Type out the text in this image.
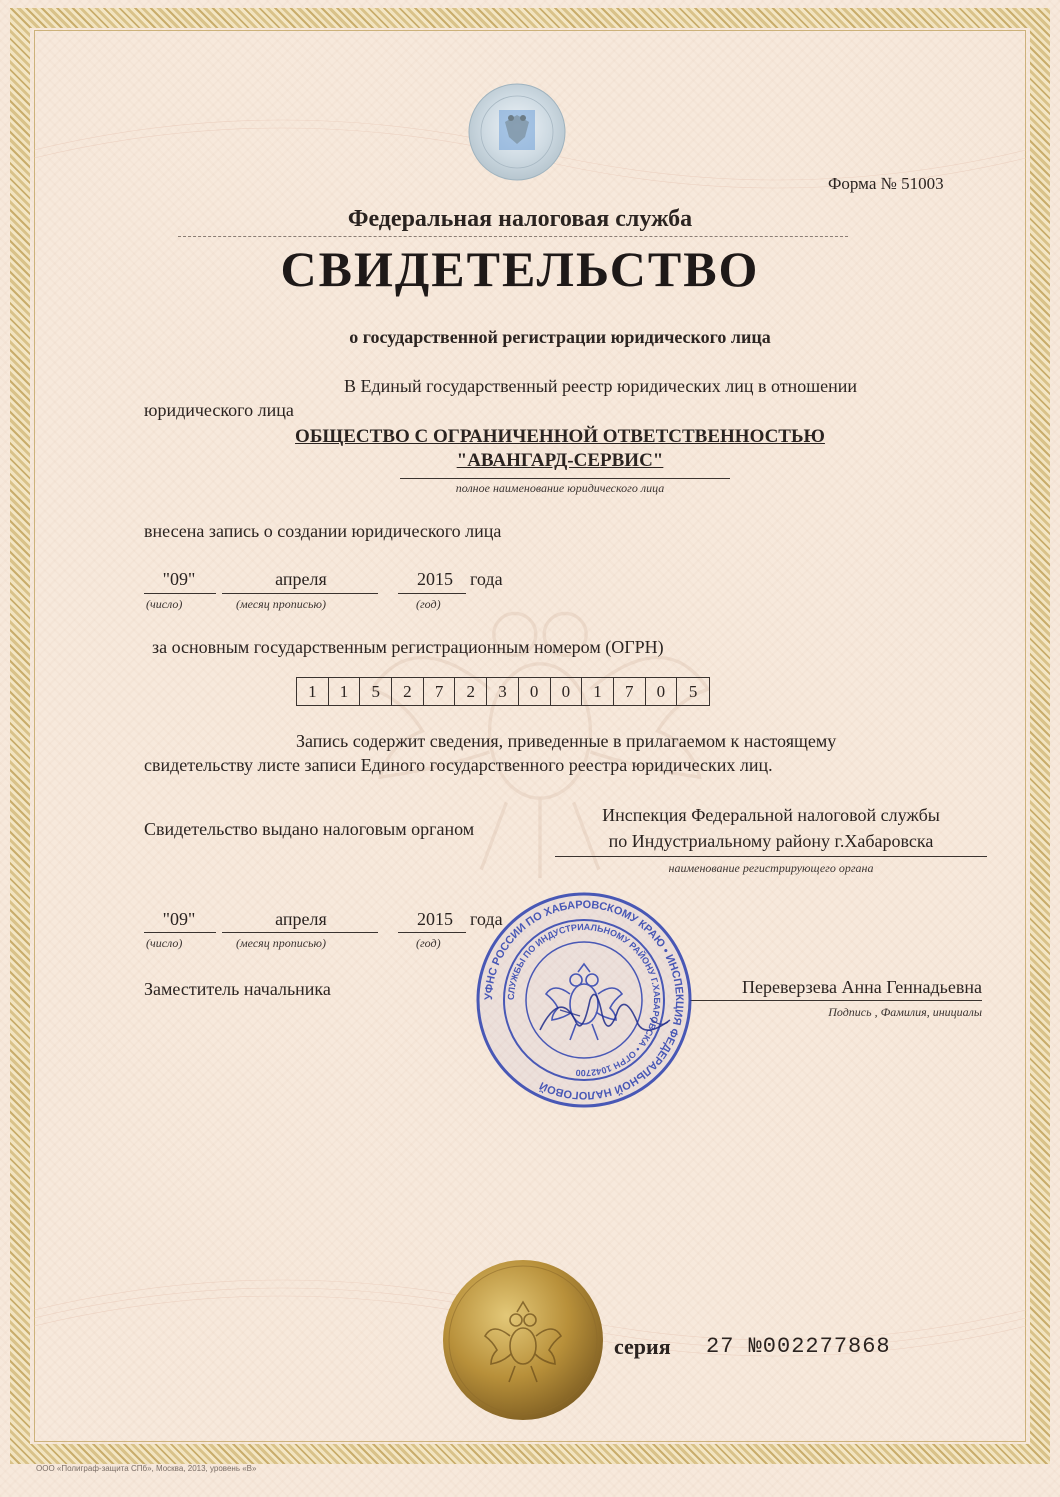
Форма № 51003
Федеральная налоговая служба
СВИДЕТЕЛЬСТВО
о государственной регистрации юридического лица
В Единый государственный реестр юридических лиц в отношении
юридического лица
ОБЩЕСТВО С ОГРАНИЧЕННОЙ ОТВЕТСТВЕННОСТЬЮ
"АВАНГАРД-СЕРВИС"
полное наименование юридического лица
внесена запись о создании юридического лица
"09"	апреля	2015 года
(число)	(месяц прописью)	(год)
за основным государственным регистрационным номером (ОГРН)
1	1	5	2	7	2	3	0	0	1	7	0	5
Запись содержит сведения, приведенные в прилагаемом к настоящему
свидетельству листе записи Единого государственного реестра юридических лиц.
Свидетельство выдано налоговым органом
Инспекция Федеральной налоговой службы
по Индустриальному району г.Хабаровска
наименование регистрирующего органа
"09"	апреля	2015 года
(число)	(месяц прописью)	(год)
Заместитель начальника	Переверзева Анна Геннадьевна
Подпись , Фамилия, инициалы
УФНС РОССИИ ПО ХАБАРОВСКОМУ КРАЮ • ИНСПЕКЦИЯ ФЕДЕРАЛЬНОЙ НАЛОГОВОЙ
СЛУЖБЫ ПО ИНДУСТРИАЛЬНОМУ РАЙОНУ Г.ХАБАРОВСКА • ОГРН 1042700
серия 27 №002277868
ООО «Полиграф-защита СПб», Москва, 2013, уровень «В»
